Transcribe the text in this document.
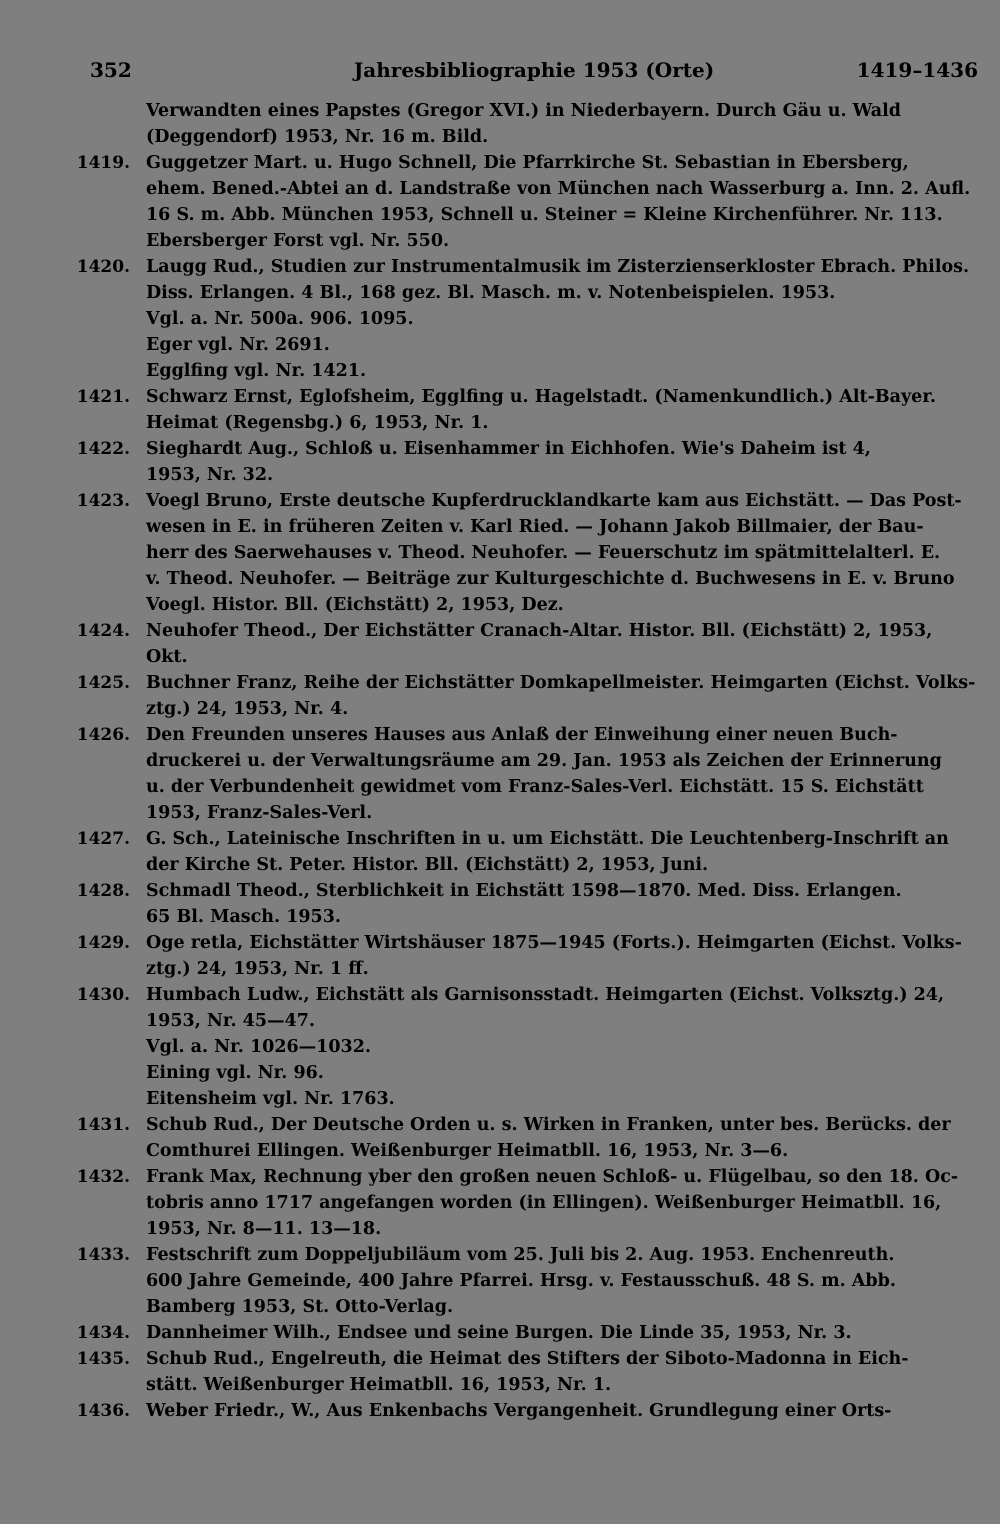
352	Jahresbibliographie 1953 (Orte)	1419–1436
Verwandten eines Papstes (Gregor XVI.) in Niederbayern. Durch Gäu u. Wald
(Deggendorf) 1953, Nr. 16 m. Bild.
1419. Guggetzer Mart. u. Hugo Schnell, Die Pfarrkirche St. Sebastian in Ebersberg,
ehem. Bened.-Abtei an d. Landstraße von München nach Wasserburg a. Inn. 2. Aufl.
16 S. m. Abb. München 1953, Schnell u. Steiner = Kleine Kirchenführer. Nr. 113.
Ebersberger Forst vgl. Nr. 550.
1420. Laugg Rud., Studien zur Instrumentalmusik im Zisterzienserkloster Ebrach. Philos.
Diss. Erlangen. 4 Bl., 168 gez. Bl. Masch. m. v. Notenbeispielen. 1953.
Vgl. a. Nr. 500a. 906. 1095.
Eger vgl. Nr. 2691.
Egglfing vgl. Nr. 1421.
1421. Schwarz Ernst, Eglofsheim, Egglfing u. Hagelstadt. (Namenkundlich.) Alt-Bayer.
Heimat (Regensbg.) 6, 1953, Nr. 1.
1422. Sieghardt Aug., Schloß u. Eisenhammer in Eichhofen. Wie's Daheim ist 4,
1953, Nr. 32.
1423. Voegl Bruno, Erste deutsche Kupferdrucklandkarte kam aus Eichstätt. — Das Post-
wesen in E. in früheren Zeiten v. Karl Ried. — Johann Jakob Billmaier, der Bau-
herr des Saerwehauses v. Theod. Neuhofer. — Feuerschutz im spätmittelalterl. E.
v. Theod. Neuhofer. — Beiträge zur Kulturgeschichte d. Buchwesens in E. v. Bruno
Voegl. Histor. Bll. (Eichstätt) 2, 1953, Dez.
1424. Neuhofer Theod., Der Eichstätter Cranach-Altar. Histor. Bll. (Eichstätt) 2, 1953,
Okt.
1425. Buchner Franz, Reihe der Eichstätter Domkapellmeister. Heimgarten (Eichst. Volks-
ztg.) 24, 1953, Nr. 4.
1426. Den Freunden unseres Hauses aus Anlaß der Einweihung einer neuen Buch-
druckerei u. der Verwaltungsräume am 29. Jan. 1953 als Zeichen der Erinnerung
u. der Verbundenheit gewidmet vom Franz-Sales-Verl. Eichstätt. 15 S. Eichstätt
1953, Franz-Sales-Verl.
1427. G. Sch., Lateinische Inschriften in u. um Eichstätt. Die Leuchtenberg-Inschrift an
der Kirche St. Peter. Histor. Bll. (Eichstätt) 2, 1953, Juni.
1428. Schmadl Theod., Sterblichkeit in Eichstätt 1598—1870. Med. Diss. Erlangen.
65 Bl. Masch. 1953.
1429. Oge retla, Eichstätter Wirtshäuser 1875—1945 (Forts.). Heimgarten (Eichst. Volks-
ztg.) 24, 1953, Nr. 1 ff.
1430. Humbach Ludw., Eichstätt als Garnisonsstadt. Heimgarten (Eichst. Volksztg.) 24,
1953, Nr. 45—47.
Vgl. a. Nr. 1026—1032.
Eining vgl. Nr. 96.
Eitensheim vgl. Nr. 1763.
1431. Schub Rud., Der Deutsche Orden u. s. Wirken in Franken, unter bes. Berücks. der
Comthurei Ellingen. Weißenburger Heimatbll. 16, 1953, Nr. 3—6.
1432. Frank Max, Rechnung yber den großen neuen Schloß- u. Flügelbau, so den 18. Oc-
tobris anno 1717 angefangen worden (in Ellingen). Weißenburger Heimatbll. 16,
1953, Nr. 8—11. 13—18.
1433. Festschrift zum Doppeljubiläum vom 25. Juli bis 2. Aug. 1953. Enchenreuth.
600 Jahre Gemeinde, 400 Jahre Pfarrei. Hrsg. v. Festausschuß. 48 S. m. Abb.
Bamberg 1953, St. Otto-Verlag.
1434. Dannheimer Wilh., Endsee und seine Burgen. Die Linde 35, 1953, Nr. 3.
1435. Schub Rud., Engelreuth, die Heimat des Stifters der Siboto-Madonna in Eich-
stätt. Weißenburger Heimatbll. 16, 1953, Nr. 1.
1436. Weber Friedr., W., Aus Enkenbachs Vergangenheit. Grundlegung einer Orts-
